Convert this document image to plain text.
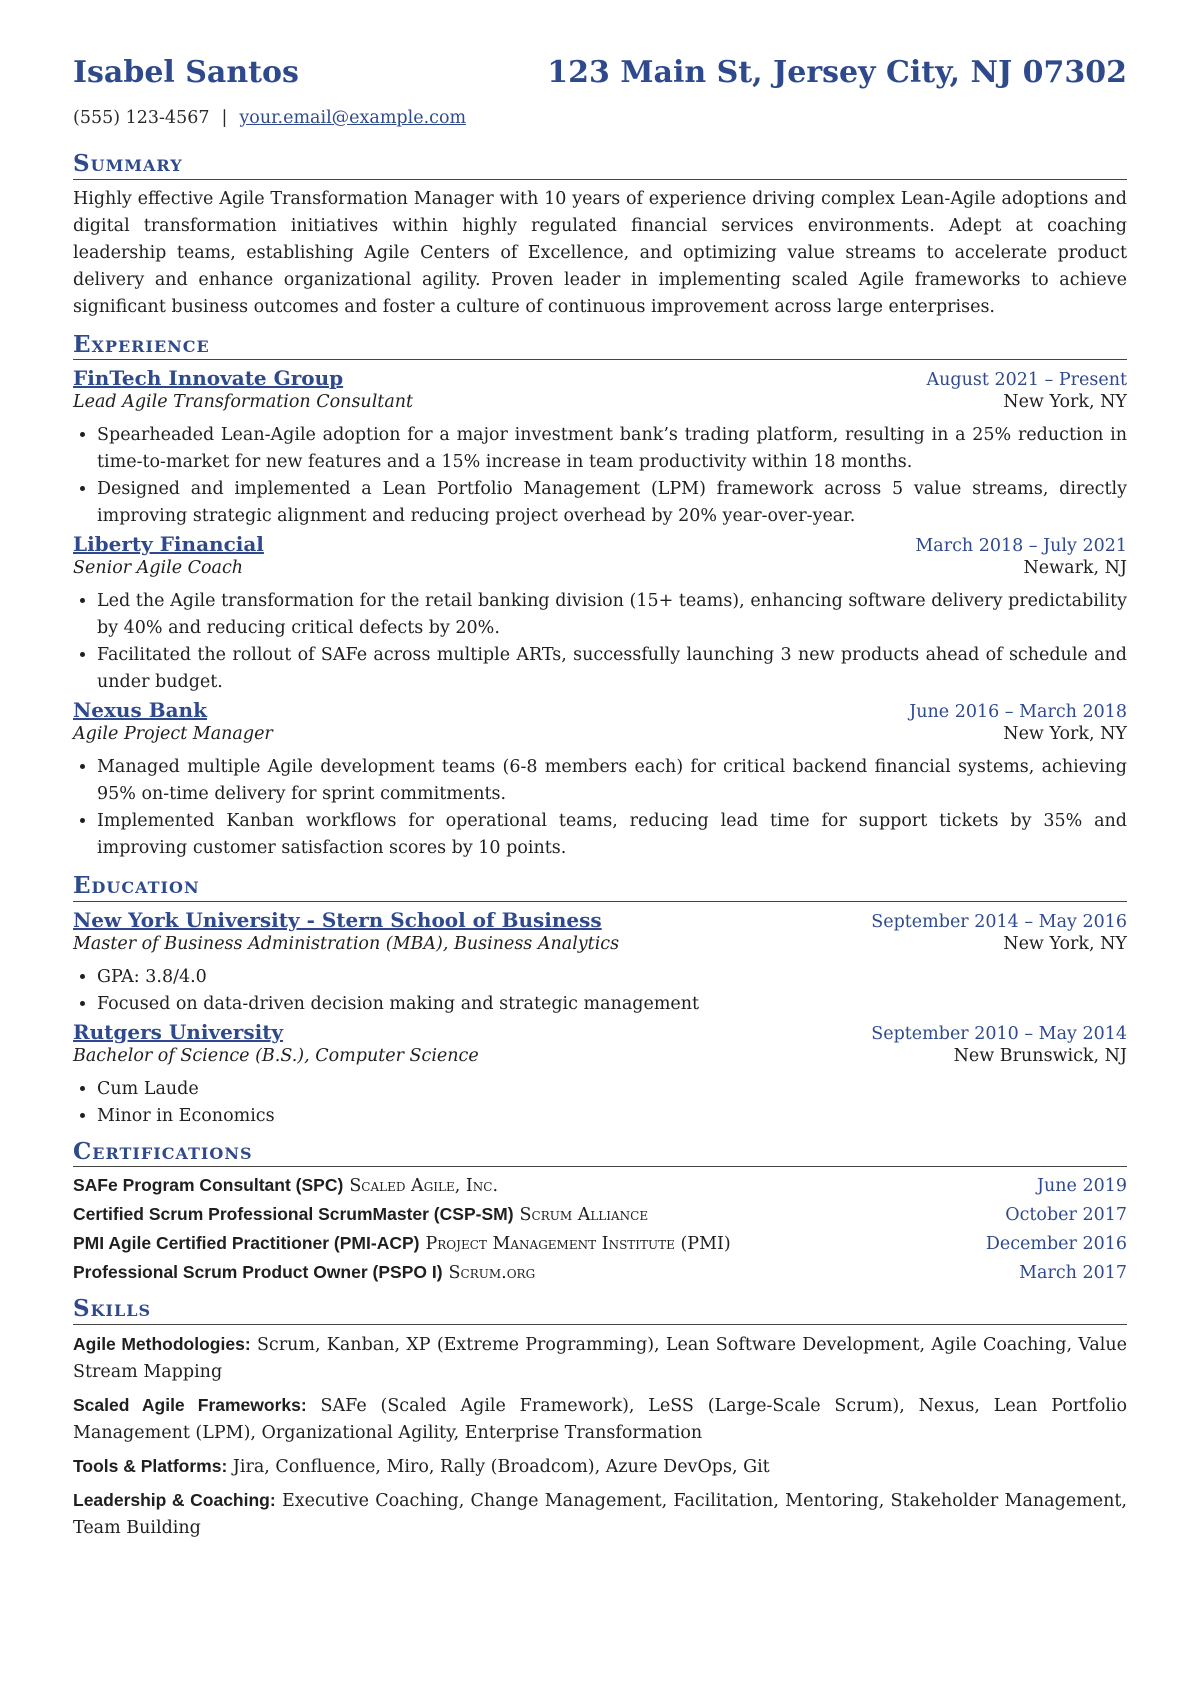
Isabel Santos	123 Main St, Jersey City, NJ 07302
(555) 123-4567 | your.email@example.com
Summary

Highly effective Agile Transformation Manager with 10 years of experience driving complex Lean-Agile adoptions and digital transformation initiatives within highly regulated financial services environments. Adept at coaching leadership teams, establishing Agile Centers of Excellence, and optimizing value streams to accelerate product delivery and enhance organizational agility. Proven leader in implementing scaled Agile frameworks to achieve significant business outcomes and foster a culture of continuous improvement across large enterprises.

Experience
FinTech Innovate Group	August 2021 – Present
Lead Agile Transformation Consultant	New York, NY
• Spearheaded Lean-Agile adoption for a major investment bank’s trading platform, resulting in a 25% reduction in time-to-market for new features and a 15% increase in team productivity within 18 months.
• Designed and implemented a Lean Portfolio Management (LPM) framework across 5 value streams, directly improving strategic alignment and reducing project overhead by 20% year-over-year.
Liberty Financial	March 2018 – July 2021
Senior Agile Coach	Newark, NJ
• Led the Agile transformation for the retail banking division (15+ teams), enhancing software delivery predictability by 40% and reducing critical defects by 20%.
• Facilitated the rollout of SAFe across multiple ARTs, successfully launching 3 new products ahead of schedule and under budget.
Nexus Bank	June 2016 – March 2018
Agile Project Manager	New York, NY
• Managed multiple Agile development teams (6-8 members each) for critical backend financial systems, achieving 95% on-time delivery for sprint commitments.
• Implemented Kanban workflows for operational teams, reducing lead time for support tickets by 35% and improving customer satisfaction scores by 10 points.
Education
New York University - Stern School of Business	September 2014 – May 2016
Master of Business Administration (MBA), Business Analytics	New York, NY
• GPA: 3.8/4.0
• Focused on data-driven decision making and strategic management
Rutgers University	September 2010 – May 2014
Bachelor of Science (B.S.), Computer Science	New Brunswick, NJ
• Cum Laude
• Minor in Economics
Certifications
SAFe Program Consultant (SPC) Scaled Agile, Inc.	June 2019
Certified Scrum Professional ScrumMaster (CSP-SM) Scrum Alliance	October 2017
PMI Agile Certified Practitioner (PMI-ACP) Project Management Institute (PMI)	December 2016
Professional Scrum Product Owner (PSPO I) Scrum.org	March 2017
Skills
Agile Methodologies: Scrum, Kanban, XP (Extreme Programming), Lean Software Development, Agile Coaching, Value Stream Mapping
Scaled Agile Frameworks: SAFe (Scaled Agile Framework), LeSS (Large-Scale Scrum), Nexus, Lean Portfolio Management (LPM), Organizational Agility, Enterprise Transformation
Tools & Platforms: Jira, Confluence, Miro, Rally (Broadcom), Azure DevOps, Git
Leadership & Coaching: Executive Coaching, Change Management, Facilitation, Mentoring, Stakeholder Management, Team Building
